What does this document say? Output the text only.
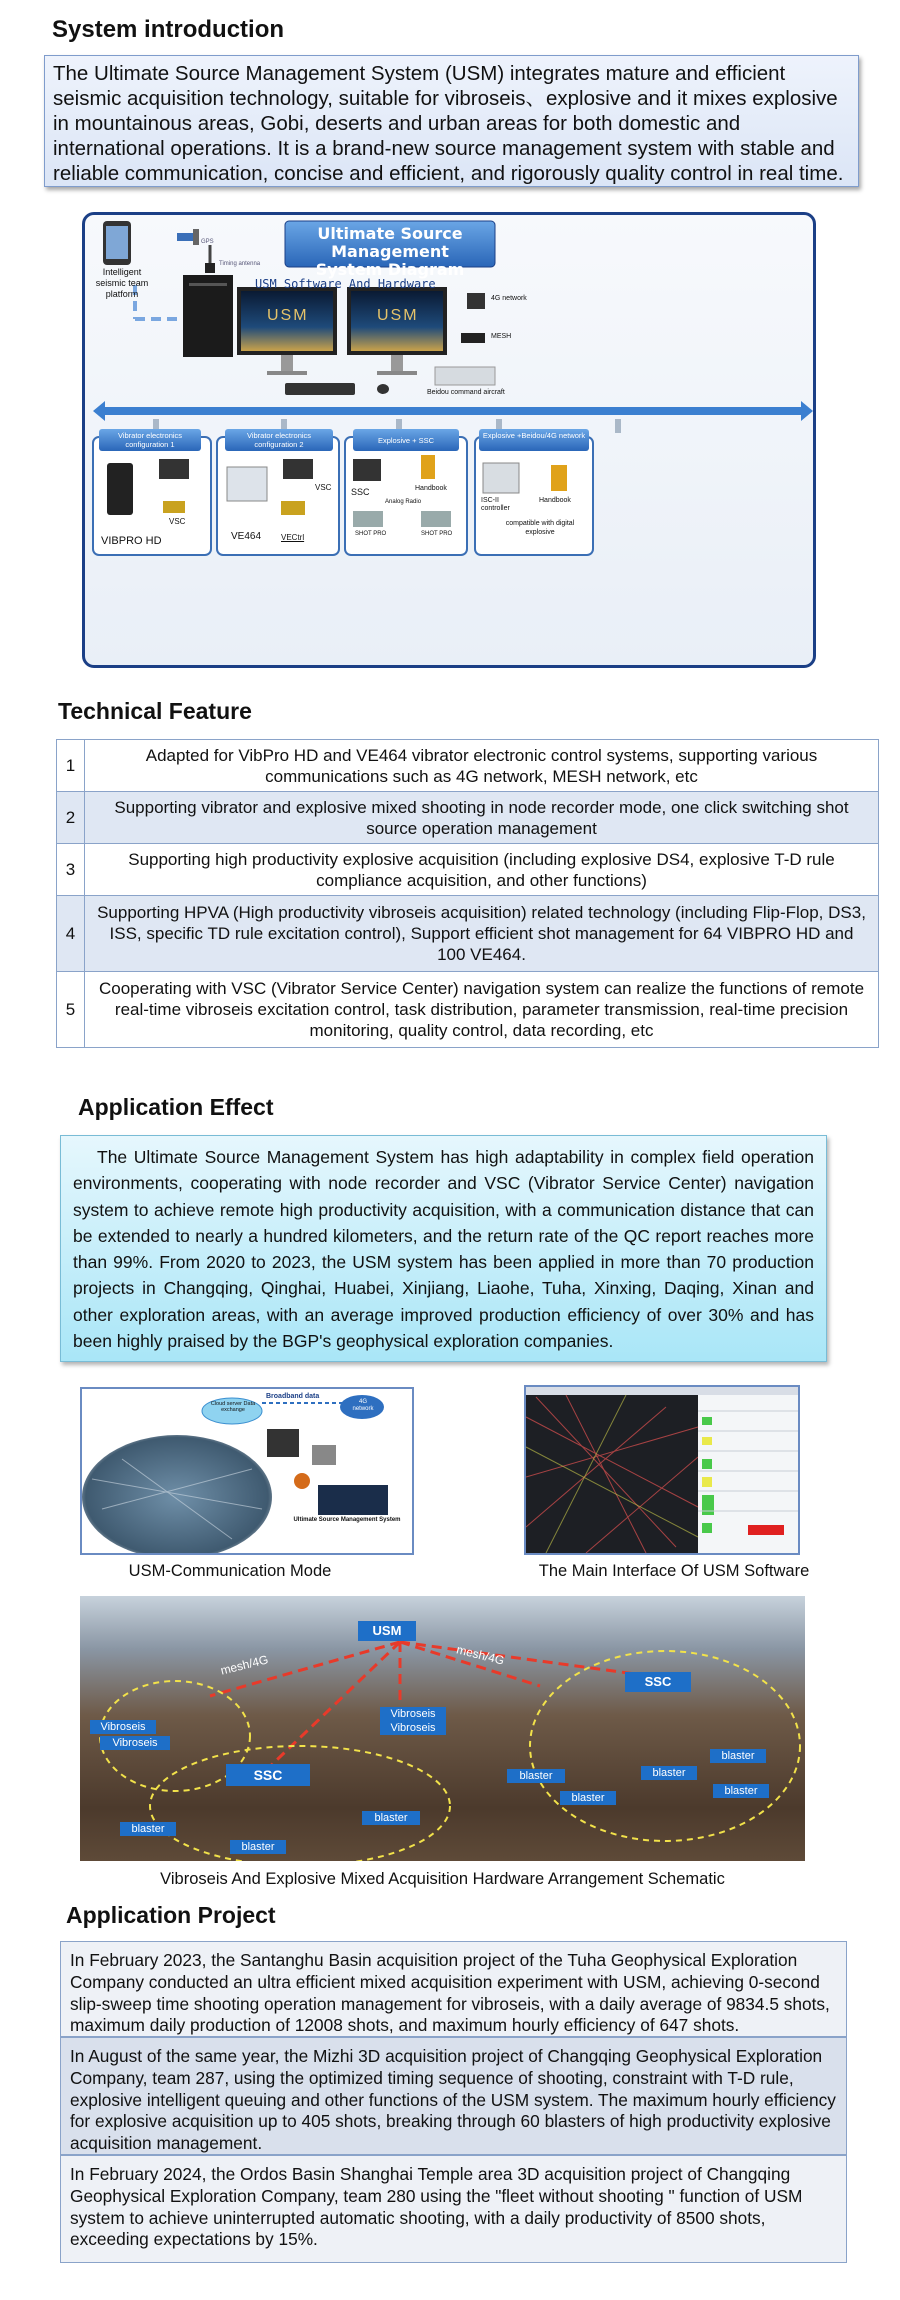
System introduction
The Ultimate Source Management System (USM) integrates mature and efficient seismic acquisition technology, suitable for vibroseis、explosive and it mixes explosive in mountainous areas, Gobi, deserts and urban areas for both domestic and international operations. It is a brand-new source management system with stable and reliable communication, concise and efficient, and rigorously quality control in real time.
Ultimate Source Management
System Diagram
USM Software And Hardware
Intelligent seismic team platform
GPS
Timing antenna
USM	USM
4G network
MESH
Beidou command aircraft
Vibrator electronics configuration 1
Vibrator electronics configuration 2	Explosive + SSC
Explosive +Beidou/4G network
VIBPRO HD
VSC
VE464
VSC
VECtrl
SSC	Handbook
Analog Radio
SHOT PRO	SHOT PRO
ISC-II controller
Handbook
compatible with digital explosive
Technical Feature
1	Adapted for VibPro HD and VE464 vibrator electronic control systems, supporting various communications such as 4G network, MESH network, etc
2	Supporting vibrator and explosive mixed shooting in node recorder mode, one click switching shot source operation management
3	Supporting high productivity explosive acquisition (including explosive DS4, explosive T-D rule compliance acquisition, and other functions)
4	Supporting HPVA (High productivity vibroseis acquisition) related technology (including Flip-Flop, DS3, ISS, specific TD rule excitation control), Support efficient shot management for 64 VIBPRO HD and 100 VE464.
5	Cooperating with VSC (Vibrator Service Center) navigation system can realize the functions of remote real-time vibroseis excitation control, task distribution, parameter transmission, real-time precision monitoring, quality control, data recording, etc
Application Effect
The Ultimate Source Management System has high adaptability in complex field operation environments, cooperating with node recorder and VSC (Vibrator Service Center) navigation system to achieve remote high productivity acquisition, with a communication distance that can be extended to nearly a hundred kilometers, and the return rate of the QC report reaches more than 99%. From 2020 to 2023, the USM system has been applied in more than 70 production projects in Changqing, Qinghai, Huabei, Xinjiang, Liaohe, Tuha, Xinxing, Daqing, Xinan and other exploration areas, with an average improved production efficiency of over 30% and has been highly praised by the BGP's geophysical exploration companies.
Broadband data
Cloud server Data exchange
4G network
Ultimate Source Management System
USM-Communication Mode	The Main Interface Of USM Software
USM
mesh/4G	mesh/4G
SSC
SSC
Vibroseis
Vibroseis
Vibroseis
Vibroseis
blaster
blaster
blaster
blaster
blaster
blaster
blaster
blaster
Vibroseis And Explosive Mixed Acquisition Hardware Arrangement Schematic
Application Project
In February 2023, the Santanghu Basin acquisition project of the Tuha Geophysical Exploration Company conducted an ultra efficient mixed acquisition experiment with USM, achieving 0-second slip-sweep time shooting operation management for vibroseis, with a daily average of 9834.5 shots, maximum daily production of 12008 shots, and maximum hourly efficiency of 647 shots.
In August of the same year, the Mizhi 3D acquisition project of Changqing Geophysical Exploration Company, team 287, using the optimized timing sequence of shooting, constraint with T-D rule, explosive intelligent queuing and other functions of the USM system. The maximum hourly efficiency for explosive acquisition up to 405 shots, breaking through 60 blasters of high productivity explosive acquisition management.
In February 2024, the Ordos Basin Shanghai Temple area 3D acquisition project of Changqing Geophysical Exploration Company, team 280 using the "fleet without shooting " function of USM system to achieve uninterrupted automatic shooting, with a daily productivity of 8500 shots, exceeding expectations by 15%.
